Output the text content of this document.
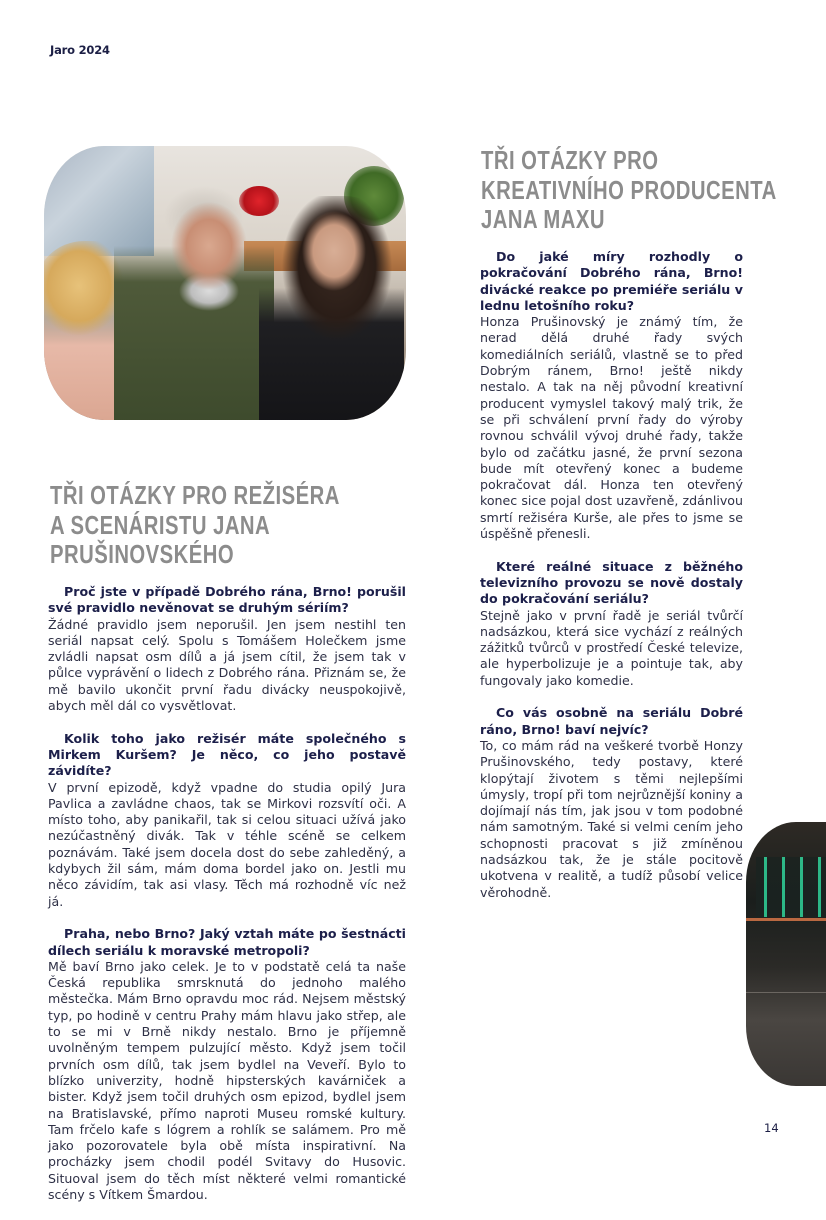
Jaro 2024
TŘI OTÁZKY PRO
KREATIVNÍHO PRODUCENTA
JANA MAXU

Do jaké míry rozhodly o pokračování Dobrého rána, Brno! divácké reakce po premiéře seriálu v lednu letošního roku?

Honza Prušinovský je známý tím, že nerad dělá druhé řady svých komediálních seriálů, vlastně se to před Dobrým ránem, Brno! ještě nikdy nestalo. A tak na něj původní kreativní producent vymyslel takový malý trik, že se při schválení první řady do výroby rovnou schválil vývoj druhé řady, takže bylo od začátku jasné, že první sezona bude mít otevřený konec a budeme pokračovat dál. Honza ten otevřený konec sice pojal dost uzavřeně, zdánlivou smrtí režiséra Kurše, ale přes to jsme se úspěšně přenesli.

Které reálné situace z běžného televizního provozu se nově dostaly do pokračování seriálu?

Stejně jako v první řadě je seriál tvůrčí nadsázkou, která sice vychází z reálných zážitků tvůrců v prostředí České televize, ale hyperbolizuje je a pointuje tak, aby fungovaly jako komedie.

Co vás osobně na seriálu Dobré ráno, Brno! baví nejvíc?

To, co mám rád na veškeré tvorbě Honzy Prušinovského, tedy postavy, které klopýtají životem s těmi nejlepšími úmysly, tropí při tom nejrůznější koniny a dojímají nás tím, jak jsou v tom podobné nám samotným. Také si velmi cením jeho schopnosti pracovat s již zmíněnou nadsázkou tak, že je stále pocitově ukotvena v realitě, a tudíž působí velice věrohodně.

TŘI OTÁZKY PRO REŽISÉRA
A SCENÁRISTU JANA
PRUŠINOVSKÉHO

Proč jste v případě Dobrého rána, Brno! porušil své pravidlo nevěnovat se druhým sériím?

Žádné pravidlo jsem neporušil. Jen jsem nestihl ten seriál napsat celý. Spolu s Tomášem Holečkem jsme zvládli napsat osm dílů a já jsem cítil, že jsem tak v půlce vyprávění o lidech z Dobrého rána. Přiznám se, že mě bavilo ukončit první řadu divácky neuspokojivě, abych měl dál co vysvětlovat.

Kolik toho jako režisér máte společného s Mirkem Kuršem? Je něco, co jeho postavě závidíte?

V první epizodě, když vpadne do studia opilý Jura Pavlica a zavládne chaos, tak se Mirkovi rozsvítí oči. A místo toho, aby panikařil, tak si celou situaci užívá jako nezúčastněný divák. Tak v téhle scéně se celkem poznávám. Také jsem docela dost do sebe zahleděný, a kdybych žil sám, mám doma bordel jako on. Jestli mu něco závidím, tak asi vlasy. Těch má rozhodně víc než já.

Praha, nebo Brno? Jaký vztah máte po šestnácti dílech seriálu k moravské metropoli?

Mě baví Brno jako celek. Je to v podstatě celá ta naše Česká republika smrsknutá do jednoho malého městečka. Mám Brno opravdu moc rád. Nejsem městský typ, po hodině v centru Prahy mám hlavu jako střep, ale to se mi v Brně nikdy nestalo. Brno je příjemně uvolněným tempem pulzující město. Když jsem točil prvních osm dílů, tak jsem bydlel na Veveří. Bylo to blízko univerzity, hodně hipsterských kavárniček a bister. Když jsem točil druhých osm epizod, bydlel jsem na Bratislavské, přímo naproti Museu romské kultury. Tam frčelo kafe s lógrem a rohlík se salámem. Pro mě jako pozorovatele byla obě místa inspirativní. Na procházky jsem chodil podél Svitavy do Husovic. Situoval jsem do těch míst některé velmi romantické scény s Vítkem Šmardou.

14
